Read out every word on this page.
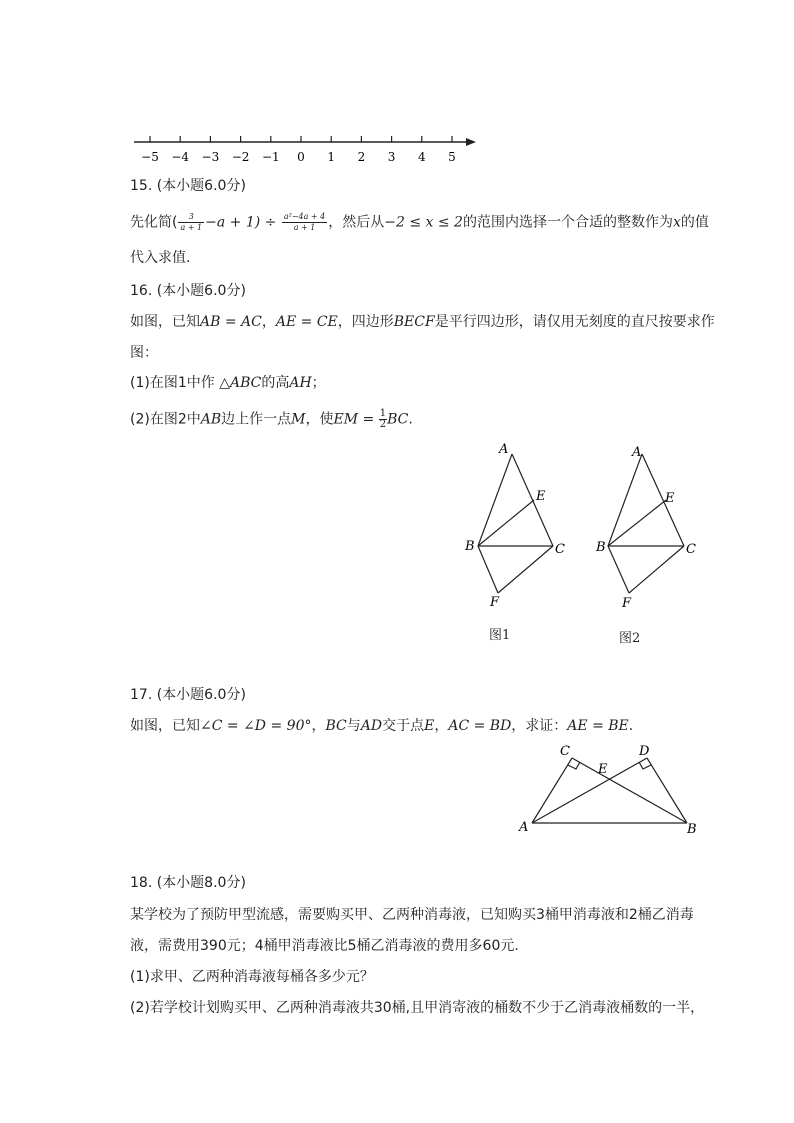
−5 −4 −3 −2 −1 0 1 2 3 4 5
15. (本小题6.0分)
先化简( $\frac{3}{a + 1} -a + 1) \div \frac{\text{a²−4a + 4}}{a + 1}$ ，然后从−2 ≤ x ≤ 2的范围内选择一个合适的整数作为x的值
代入求值.
16. (本小题6.0分)
如图，已知AB = AC，AE = CE，四边形BECF是平行四边形，请仅用无刻度的直尺按要求作
图：
(1)在图1中作 △ABC的高AH；
(2)在图2中AB边上作一点M，使EM = $\frac{1}{2}$ BC.
A
E
B	C
F
图1
A
E
B	C
F
图2
17. (本小题6.0分)
如图，已知∠C = ∠D = 90°，BC与AD交于点E，AC = BD，求证：AE = BE.
C	D
E
A	B
18. (本小题8.0分)
某学校为了预防甲型流感，需要购买甲、乙两种消毒液，已知购买3桶甲消毒液和2桶乙消毒
液，需费用390元；4桶甲消毒液比5桶乙消毒液的费用多60元.
(1)求甲、乙两种消毒液每桶各多少元？
(2)若学校计划购买甲、乙两种消毒液共30桶,且甲消寄液的桶数不少于乙消毒液桶数的一半，
